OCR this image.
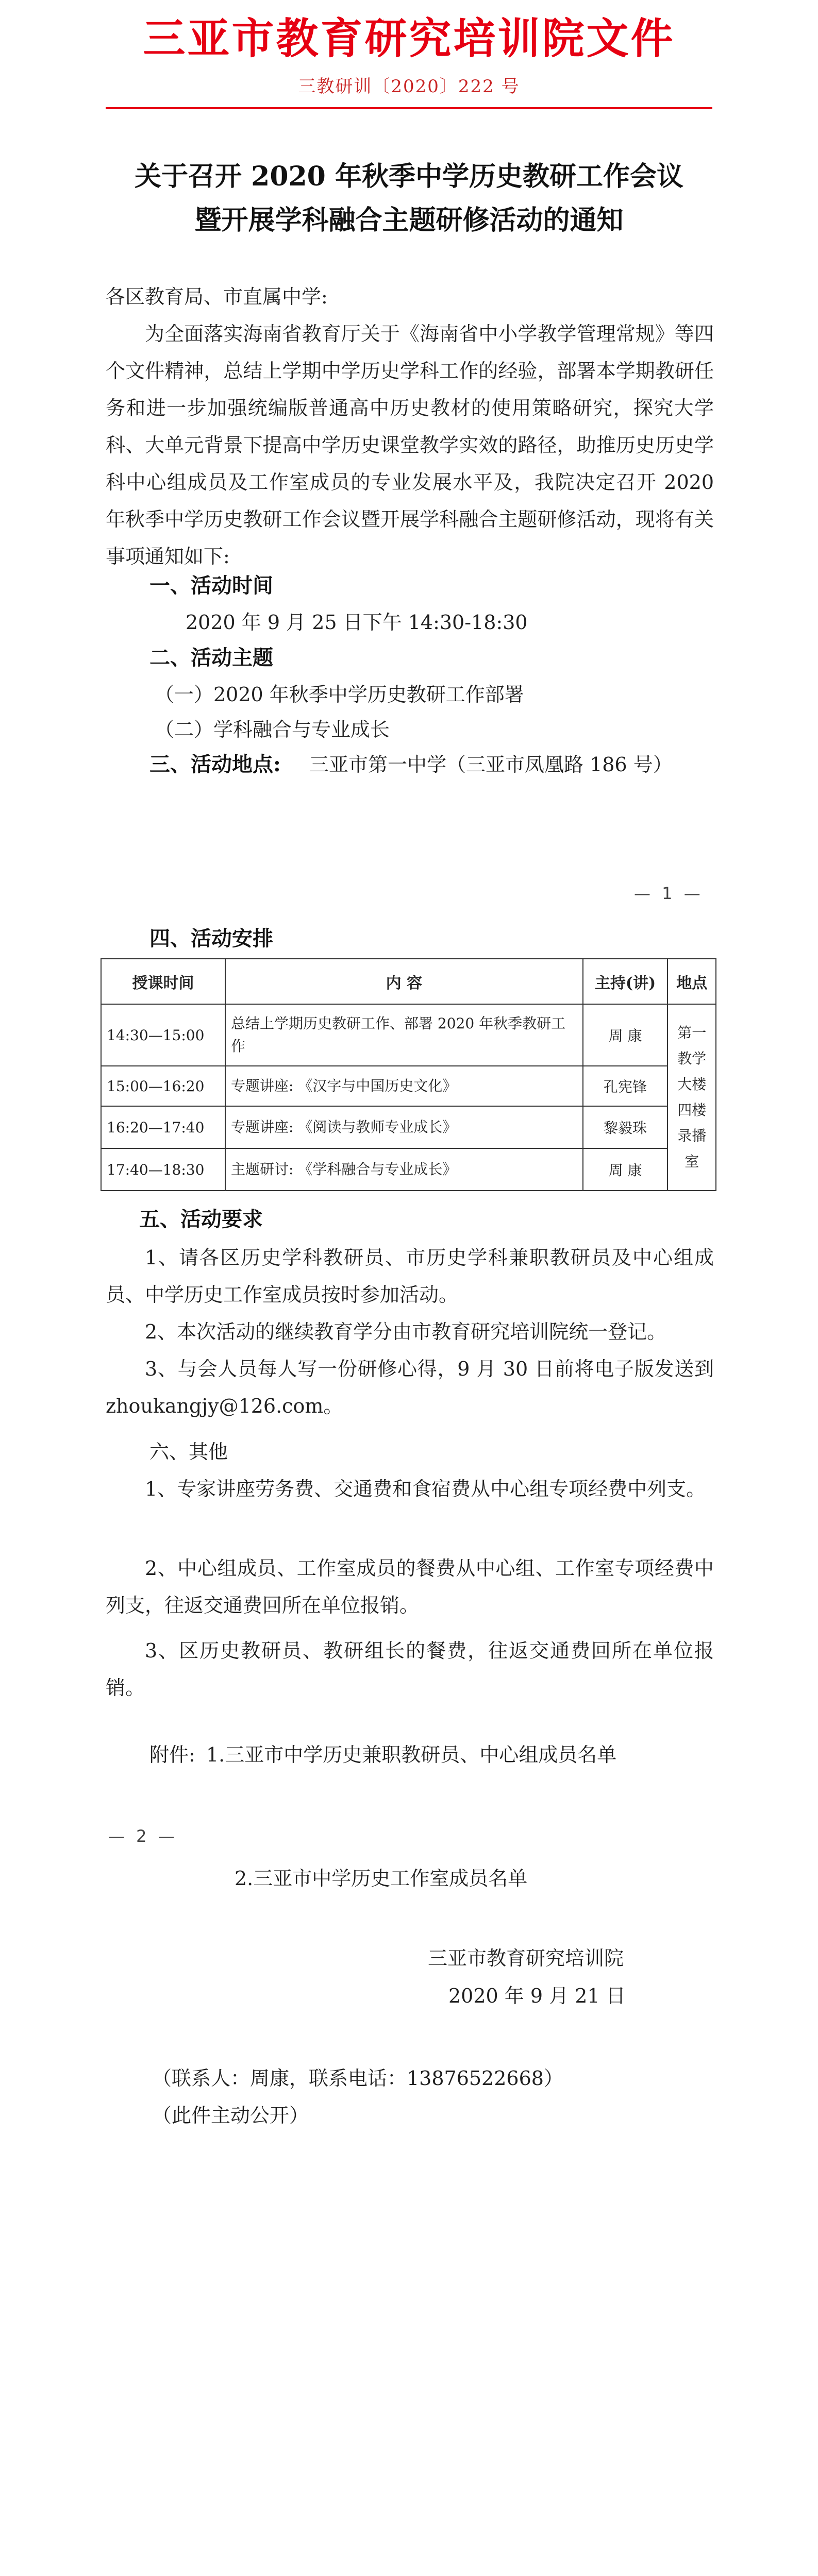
三亚市教育研究培训院文件
三教研训〔2020〕222 号
关于召开 2020 年秋季中学历史教研工作会议
暨开展学科融合主题研修活动的通知
各区教育局、市直属中学:
为全面落实海南省教育厅关于《海南省中小学教学管理常规》等四个文件精神，总结上学期中学历史学科工作的经验，部署本学期教研任务和进一步加强统编版普通高中历史教材的使用策略研究，探究大学科、大单元背景下提高中学历史课堂教学实效的路径，助推历史历史学科中心组成员及工作室成员的专业发展水平及，我院决定召开 2020 年秋季中学历史教研工作会议暨开展学科融合主题研修活动，现将有关事项通知如下:
一、活动时间
2020 年 9 月 25 日下午 14:30-18:30
二、活动主题
（一）2020 年秋季中学历史教研工作部署
（二）学科融合与专业成长
三、活动地点: 三亚市第一中学（三亚市凤凰路 186 号）
— 1 —
四、活动安排
授课时间	内 容	主持(讲)	地点
14:30—15:00	总结上学期历史教研工作、部署 2020 年秋季教研工作	周 康	第一教学大楼四楼录播室
15:00—16:20	专题讲座: 《汉字与中国历史文化》	孔宪锋	
16:20—17:40	专题讲座: 《阅读与教师专业成长》	黎毅珠	
17:40—18:30	主题研讨: 《学科融合与专业成长》	周 康	
五、活动要求
1、请各区历史学科教研员、市历史学科兼职教研员及中心组成员、中学历史工作室成员按时参加活动。
2、本次活动的继续教育学分由市教育研究培训院统一登记。
3、与会人员每人写一份研修心得，9 月 30 日前将电子版发送到 zhoukangjy@126.com。
六、其他
1、专家讲座劳务费、交通费和食宿费从中心组专项经费中列支。
2、中心组成员、工作室成员的餐费从中心组、工作室专项经费中列支，往返交通费回所在单位报销。
3、区历史教研员、教研组长的餐费，往返交通费回所在单位报销。
附件: 1.三亚市中学历史兼职教研员、中心组成员名单
— 2 —
2.三亚市中学历史工作室成员名单
三亚市教育研究培训院
2020 年 9 月 21 日
（联系人：周康，联系电话：13876522668）
（此件主动公开）
